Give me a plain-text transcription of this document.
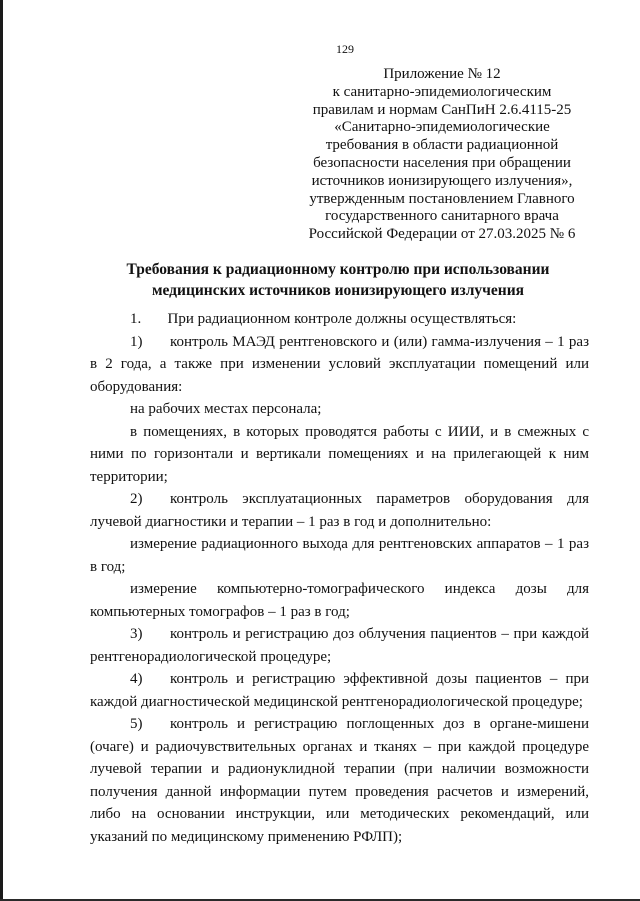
129
Приложение № 12
к санитарно-эпидемиологическим
правилам и нормам СанПиН 2.6.4115-25
«Санитарно-эпидемиологические
требования в области радиационной
безопасности населения при обращении
источников ионизирующего излучения»,
утвержденным постановлением Главного
государственного санитарного врача
Российской Федерации от 27.03.2025 № 6
Требования к радиационному контролю при использовании
медицинских источников ионизирующего излучения
1.       При радиационном контроле должны осуществляться:
1) контроль МАЭД рентгеновского и (или) гамма-излучения – 1 раз в 2 года, а также при изменении условий эксплуатации помещений или оборудования:
на рабочих местах персонала;
в помещениях, в которых проводятся работы с ИИИ, и в смежных с ними по горизонтали и вертикали помещениях и на прилегающей к ним территории;
2) контроль эксплуатационных параметров оборудования для лучевой диагностики и терапии – 1 раз в год и дополнительно:
измерение радиационного выхода для рентгеновских аппаратов – 1 раз в год;
измерение компьютерно-томографического индекса дозы для компьютерных томографов – 1 раз в год;
3) контроль и регистрацию доз облучения пациентов – при каждой рентгенорадиологической процедуре;
4) контроль и регистрацию эффективной дозы пациентов – при каждой диагностической медицинской рентгенорадиологической процедуре;
5) контроль и регистрацию поглощенных доз в органе-мишени (очаге) и радиочувствительных органах и тканях – при каждой процедуре лучевой терапии и радионуклидной терапии (при наличии возможности получения данной информации путем проведения расчетов и измерений, либо на основании инструкции, или методических рекомендаций, или указаний по медицинскому применению РФЛП);
